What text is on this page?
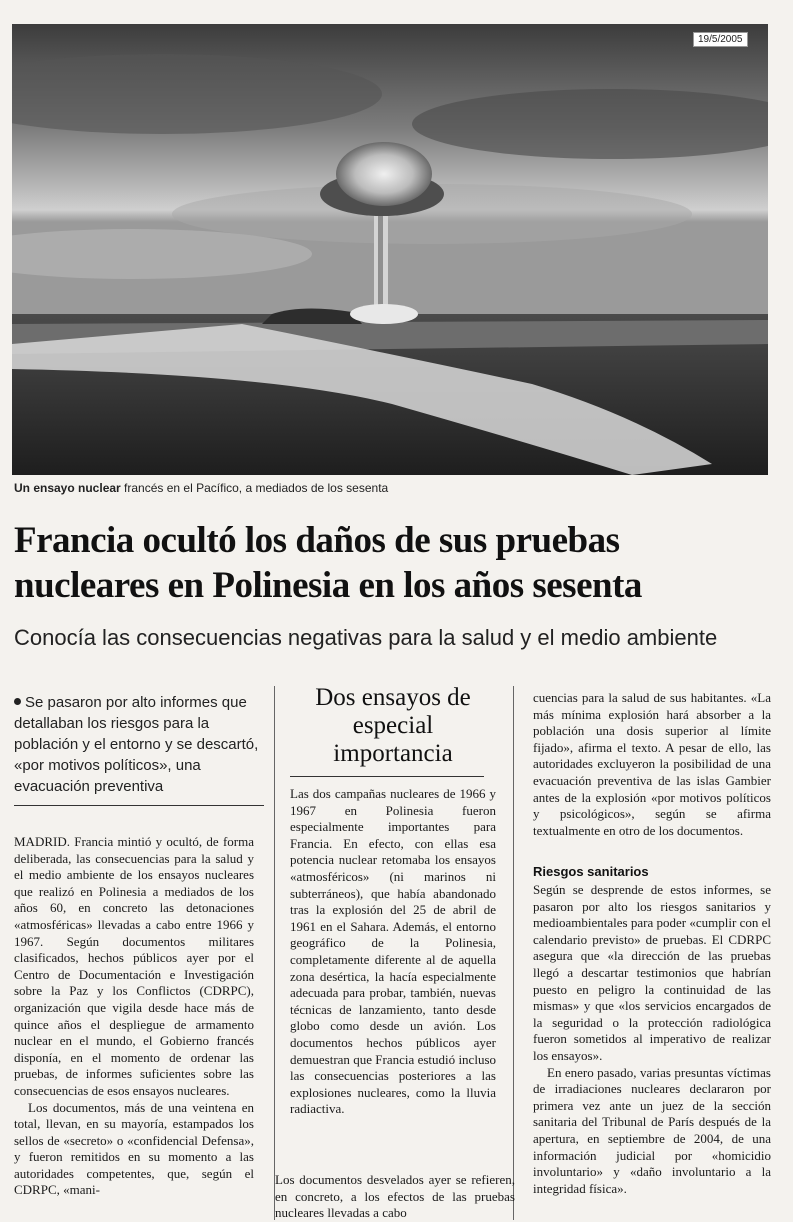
19/5/2005
Un ensayo nuclear francés en el Pacífico, a mediados de los sesenta
Francia ocultó los daños de sus pruebas
nucleares en Polinesia en los años sesenta
Conocía las consecuencias negativas para la salud y el medio ambiente
Se pasaron por alto informes que detallaban los riesgos para la población y el entorno y se descartó, «por motivos políticos», una evacuación preventiva

MADRID. Francia mintió y ocultó, de forma deliberada, las consecuencias para la salud y el medio ambiente de los ensayos nucleares que realizó en Polinesia a mediados de los años 60, en concreto las detonaciones «atmosféricas» llevadas a cabo entre 1966 y 1967. Según documentos militares clasificados, hechos públicos ayer por el Centro de Documentación e Investigación sobre la Paz y los Conflictos (CDRPC), organización que vigila desde hace más de quince años el despliegue de armamento nuclear en el mundo, el Gobierno francés disponía, en el momento de ordenar las pruebas, de informes suficientes sobre las consecuencias de esos ensayos nucleares.

Los documentos, más de una veintena en total, llevan, en su mayoría, estampados los sellos de «secreto» o «confidencial Defensa», y fueron remitidos en su momento a las autoridades competentes, que, según el CDRPC, «mani-

Dos ensayos de especial importancia

Las dos campañas nucleares de 1966 y 1967 en Polinesia fueron especialmente importantes para Francia. En efecto, con ellas esa potencia nuclear retomaba los ensayos «atmosféricos» (ni marinos ni subterráneos), que había abandonado tras la explosión del 25 de abril de 1961 en el Sahara. Además, el entorno geográfico de la Polinesia, completamente diferente al de aquella zona desértica, la hacía especialmente adecuada para probar, también, nuevas técnicas de lanzamiento, tanto desde globo como desde un avión. Los documentos hechos públicos ayer demuestran que Francia estudió incluso las consecuencias posteriores a las explosiones nucleares, como la lluvia radiactiva.

Los documentos desvelados ayer se refieren, en concreto, a los efectos de las pruebas nucleares llevadas a cabo

cuencias para la salud de sus habitantes. «La más mínima explosión hará absorber a la población una dosis superior al límite fijado», afirma el texto. A pesar de ello, las autoridades excluyeron la posibilidad de una evacuación preventiva de las islas Gambier antes de la explosión «por motivos políticos y psicológicos», según se afirma textualmente en otro de los documentos.

Riesgos sanitarios

Según se desprende de estos informes, se pasaron por alto los riesgos sanitarios y medioambientales para poder «cumplir con el calendario previsto» de pruebas. El CDRPC asegura que «la dirección de las pruebas llegó a descartar testimonios que habrían puesto en peligro la continuidad de las mismas» y que «los servicios encargados de la seguridad o la protección radiológica fueron sometidos al imperativo de realizar los ensayos».

En enero pasado, varias presuntas víctimas de irradiaciones nucleares declararon por primera vez ante un juez de la sección sanitaria del Tribunal de París después de la apertura, en septiembre de 2004, de una información judicial por «homicidio involuntario» y «daño involuntario a la integridad física».
